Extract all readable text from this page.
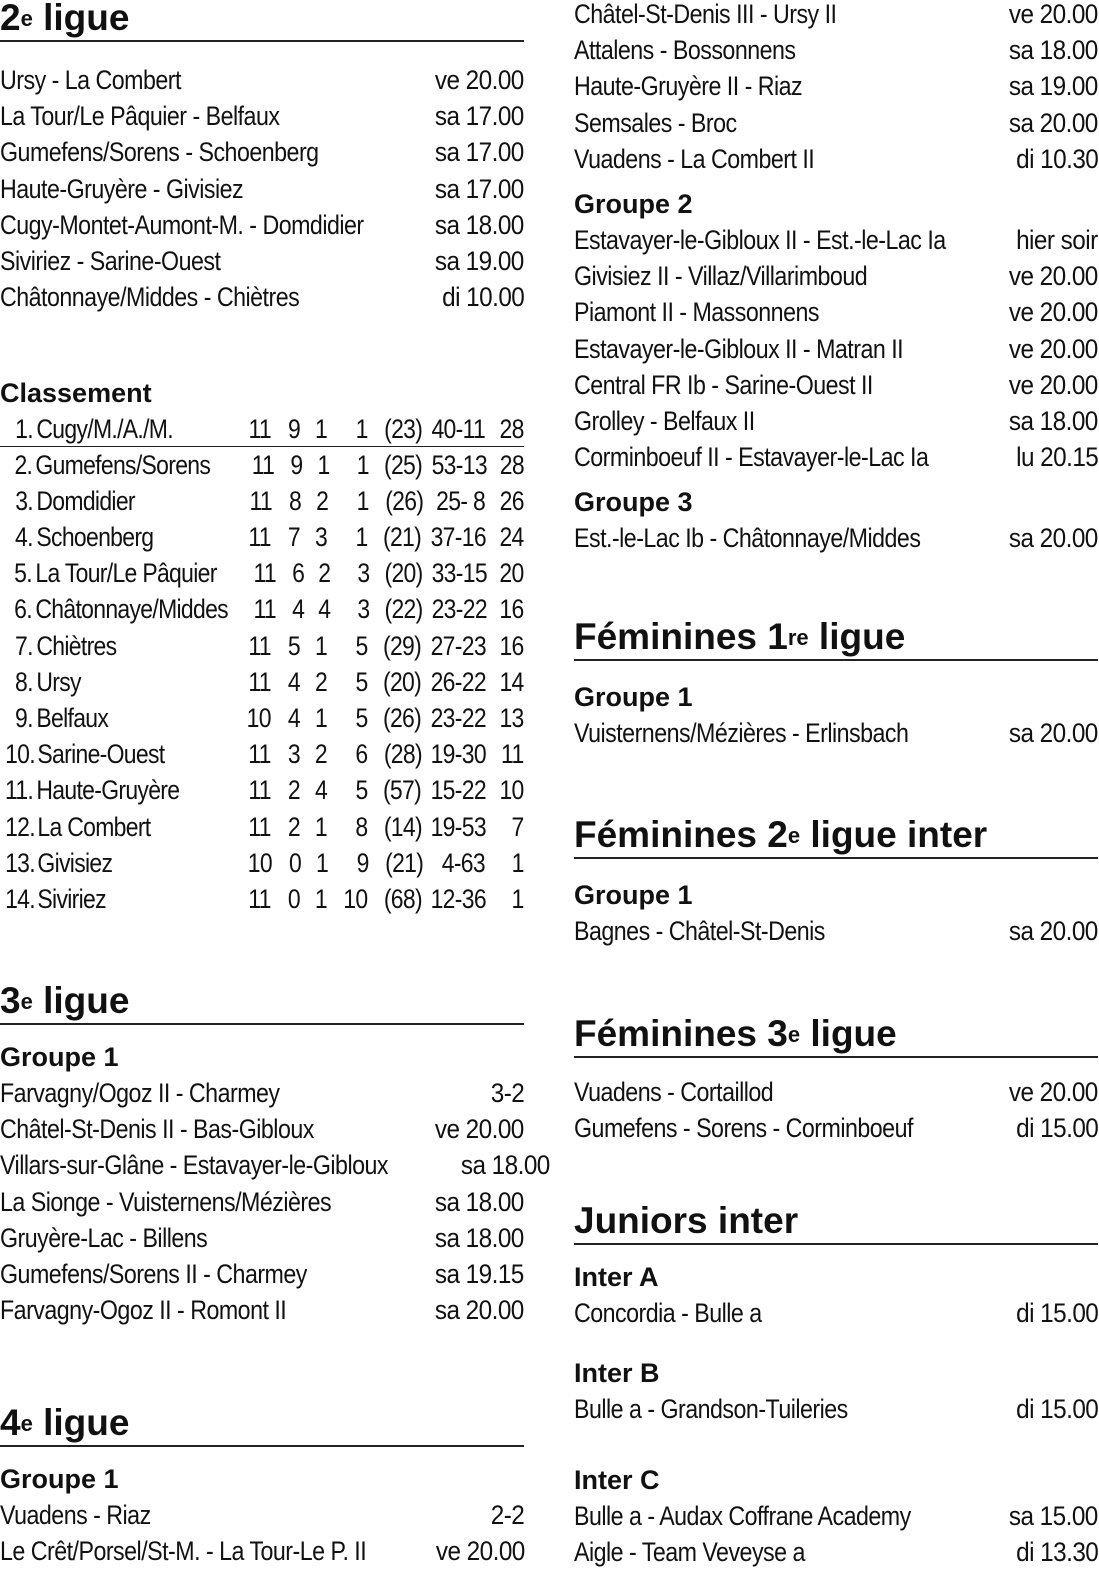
2e ligue
Ursy - La Combert	ve 20.00
La Tour/Le Pâquier - Belfaux	sa 17.00
Gumefens/Sorens - Schoenberg	sa 17.00
Haute-Gruyère - Givisiez	sa 17.00
Cugy-Montet-Aumont-M. - Domdidier	sa 18.00
Siviriez - Sarine-Ouest	sa 19.00
Châtonnaye/Middes - Chiètres	di 10.00
Classement
1. Cugy/M./A./M.	11 9 1	1 (23) 40-11 28
2. Gumefens/Sorens 11 9 1	1 (25) 53-13 28
3. Domdidier	11 8 2	1 (26) 25- 8 26
4. Schoenberg	11 7 3	1 (21) 37-16 24
5. La Tour/Le Pâquier 11 6 2	3 (20) 33-15 20
6. Châtonnaye/Middes 11 4 4	3 (22) 23-22 16
7. Chiètres	11 5 1	5 (29) 27-23 16
8. Ursy	11 4 2	5 (20) 26-22 14
9. Belfaux	10 4 1	5 (26) 23-22 13
10. Sarine-Ouest	11 3 2	6 (28) 19-30 11
11. Haute-Gruyère	11 2 4	5 (57) 15-22 10
12. La Combert	11 2 1	8 (14) 19-53 7
13. Givisiez	10 0 1	9 (21) 4-63 1
14. Siviriez	11 0 1 10 (68) 12-36 1
3e ligue
Groupe 1
Farvagny/Ogoz II - Charmey	3-2
Châtel-St-Denis II - Bas-Gibloux	ve 20.00
Villars-sur-Glâne - Estavayer-le-Gibloux	sa 18.00
La Sionge - Vuisternens/Mézières	sa 18.00
Gruyère-Lac - Billens	sa 18.00
Gumefens/Sorens II - Charmey	sa 19.15
Farvagny-Ogoz II - Romont II	sa 20.00
4e ligue
Groupe 1
Vuadens - Riaz	2-2
Le Crêt/Porsel/St-M. - La Tour-Le P. II	ve 20.00
Châtel-St-Denis III - Ursy II	ve 20.00
Attalens - Bossonnens	sa 18.00
Haute-Gruyère II - Riaz	sa 19.00
Semsales - Broc	sa 20.00
Vuadens - La Combert II	di 10.30
Groupe 2
Estavayer-le-Gibloux II - Est.-le-Lac Ia	hier soir
Givisiez II - Villaz/Villarimboud	ve 20.00
Piamont II - Massonnens	ve 20.00
Estavayer-le-Gibloux II - Matran II	ve 20.00
Central FR Ib - Sarine-Ouest II	ve 20.00
Grolley - Belfaux II	sa 18.00
Corminboeuf II - Estavayer-le-Lac Ia	lu 20.15
Groupe 3
Est.-le-Lac Ib - Châtonnaye/Middes	sa 20.00
Féminines 1re ligue
Groupe 1
Vuisternens/Mézières - Erlinsbach	sa 20.00
Féminines 2e ligue inter
Groupe 1
Bagnes - Châtel-St-Denis	sa 20.00
Féminines 3e ligue
Vuadens - Cortaillod	ve 20.00
Gumefens - Sorens - Corminboeuf	di 15.00
Juniors inter
Inter A
Concordia - Bulle a	di 15.00
Inter B
Bulle a - Grandson-Tuileries	di 15.00
Inter C
Bulle a - Audax Coffrane Academy	sa 15.00
Aigle - Team Veveyse a	di 13.30
